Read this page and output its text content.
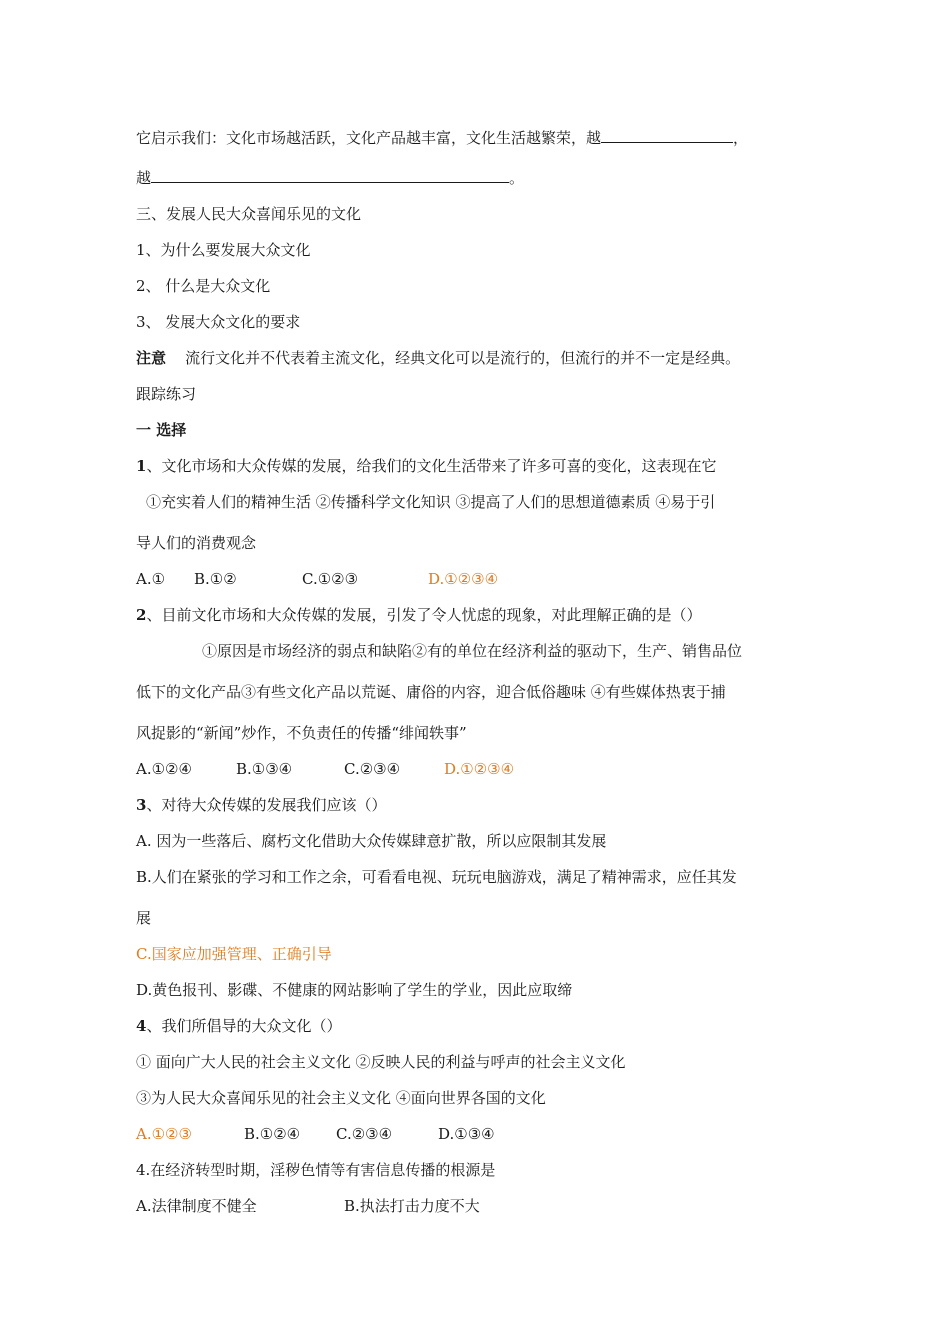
它启示我们：文化市场越活跃，文化产品越丰富，文化生活越繁荣，越	，
越	。
三、发展人民大众喜闻乐见的文化
1、为什么要发展大众文化
2、 什么是大众文化
3、 发展大众文化的要求
注意 流行文化并不代表着主流文化，经典文化可以是流行的，但流行的并不一定是经典。
跟踪练习
一 选择
1、文化市场和大众传媒的发展，给我们的文化生活带来了许多可喜的变化，这表现在它
①充实着人们的精神生活 ②传播科学文化知识 ③提高了人们的思想道德素质 ④易于引
导人们的消费观念
A.① B.①②	C.①②③	D.①②③④
2、目前文化市场和大众传媒的发展，引发了令人忧虑的现象，对此理解正确的是（）
①原因是市场经济的弱点和缺陷②有的单位在经济利益的驱动下，生产、销售品位
低下的文化产品③有些文化产品以荒诞、庸俗的内容，迎合低俗趣味 ④有些媒体热衷于捕
风捉影的“新闻”炒作，不负责任的传播“绯闻轶事”
A.①②④	B.①③④	C.②③④	D.①②③④
3、对待大众传媒的发展我们应该（）
A. 因为一些落后、腐朽文化借助大众传媒肆意扩散，所以应限制其发展
B.人们在紧张的学习和工作之余，可看看电视、玩玩电脑游戏，满足了精神需求，应任其发
展
C.国家应加强管理、正确引导
D.黄色报刊、影碟、不健康的网站影响了学生的学业，因此应取缔
4、我们所倡导的大众文化（）
① 面向广大人民的社会主义文化 ②反映人民的利益与呼声的社会主义文化
③为人民大众喜闻乐见的社会主义文化 ④面向世界各国的文化
A.①②③	B.①②④ C.②③④	D.①③④
4.在经济转型时期，淫秽色情等有害信息传播的根源是
A.法律制度不健全	B.执法打击力度不大
